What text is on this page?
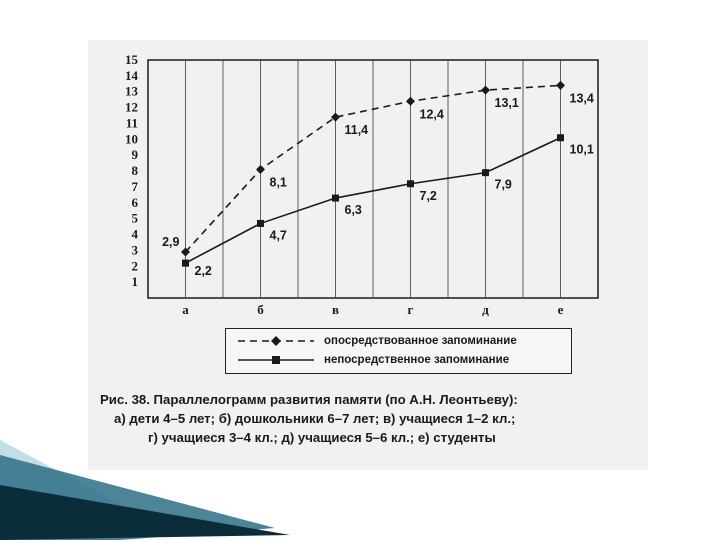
1
2
3
4
5
6
7
8
9
10
11
12
13
14
15
а	б	в	г	д	е
2,9
8,1
11,4
12,4
13,1	13,4
2,2
4,7
6,3
7,2
7,9
10,1
опосредствованное запоминание
непосредственное запоминание
Рис. 38. Параллелограмм развития памяти (по А.Н. Леонтьеву):
а) дети 4–5 лет; б) дошкольники 6–7 лет; в) учащиеся 1–2 кл.;
г) учащиеся 3–4 кл.; д) учащиеся 5–6 кл.; е) студенты
